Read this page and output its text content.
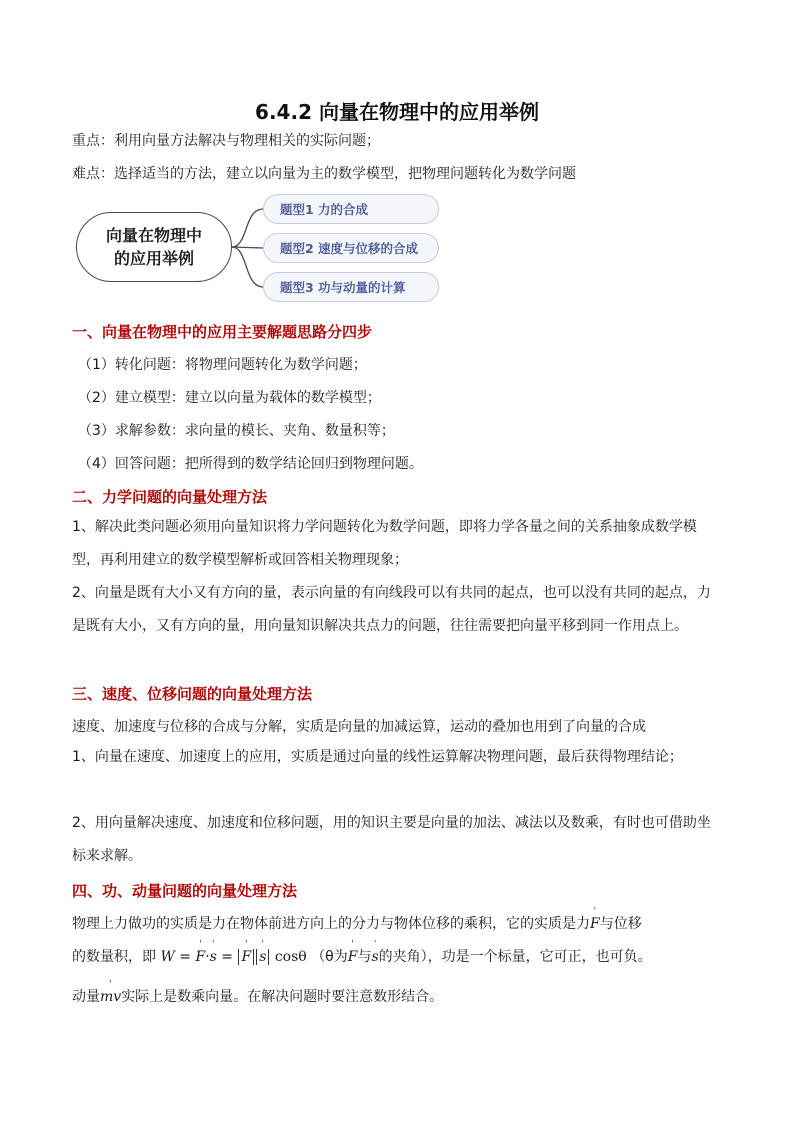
6.4.2 向量在物理中的应用举例
重点：利用向量方法解决与物理相关的实际问题；
难点：选择适当的方法，建立以向量为主的数学模型，把物理问题转化为数学问题
向量在物理中
的应用举例
题型1 力的合成
题型2 速度与位移的合成
题型3 功与动量的计算
一、向量在物理中的应用主要解题思路分四步
（1）转化问题：将物理问题转化为数学问题；
（2）建立模型：建立以向量为载体的数学模型；
（3）求解参数：求向量的模长、夹角、数量积等；
（4）回答问题：把所得到的数学结论回归到物理问题。
二、力学问题的向量处理方法
1、解决此类问题必须用向量知识将力学问题转化为数学问题，即将力学各量之间的关系抽象成数学模型，再利用建立的数学模型解析或回答相关物理现象；
2、向量是既有大小又有方向的量，表示向量的有向线段可以有共同的起点，也可以没有共同的起点，力是既有大小，又有方向的量，用向量知识解决共点力的问题，往往需要把向量平移到同一作用点上。
三、速度、位移问题的向量处理方法
速度、加速度与位移的合成与分解，实质是向量的加减运算，运动的叠加也用到了向量的合成
1、向量在速度、加速度上的应用，实质是通过向量的线性运算解决物理问题，最后获得物理结论；
2、用向量解决速度、加速度和位移问题，用的知识主要是向量的加法、减法以及数乘，有时也可借助坐标来求解。
四、功、动量问题的向量处理方法
物理上力做功的实质是力在物体前进方向上的分力与物体位移的乘积，它的实质是力' F与位移
的数量积，即 W = ' F·' s = ' F ' s cosθ （θ为' F与' s的夹角），功是一个标量，它可正，也可负。
动量' mv实际上是数乘向量。在解决问题时要注意数形结合。
